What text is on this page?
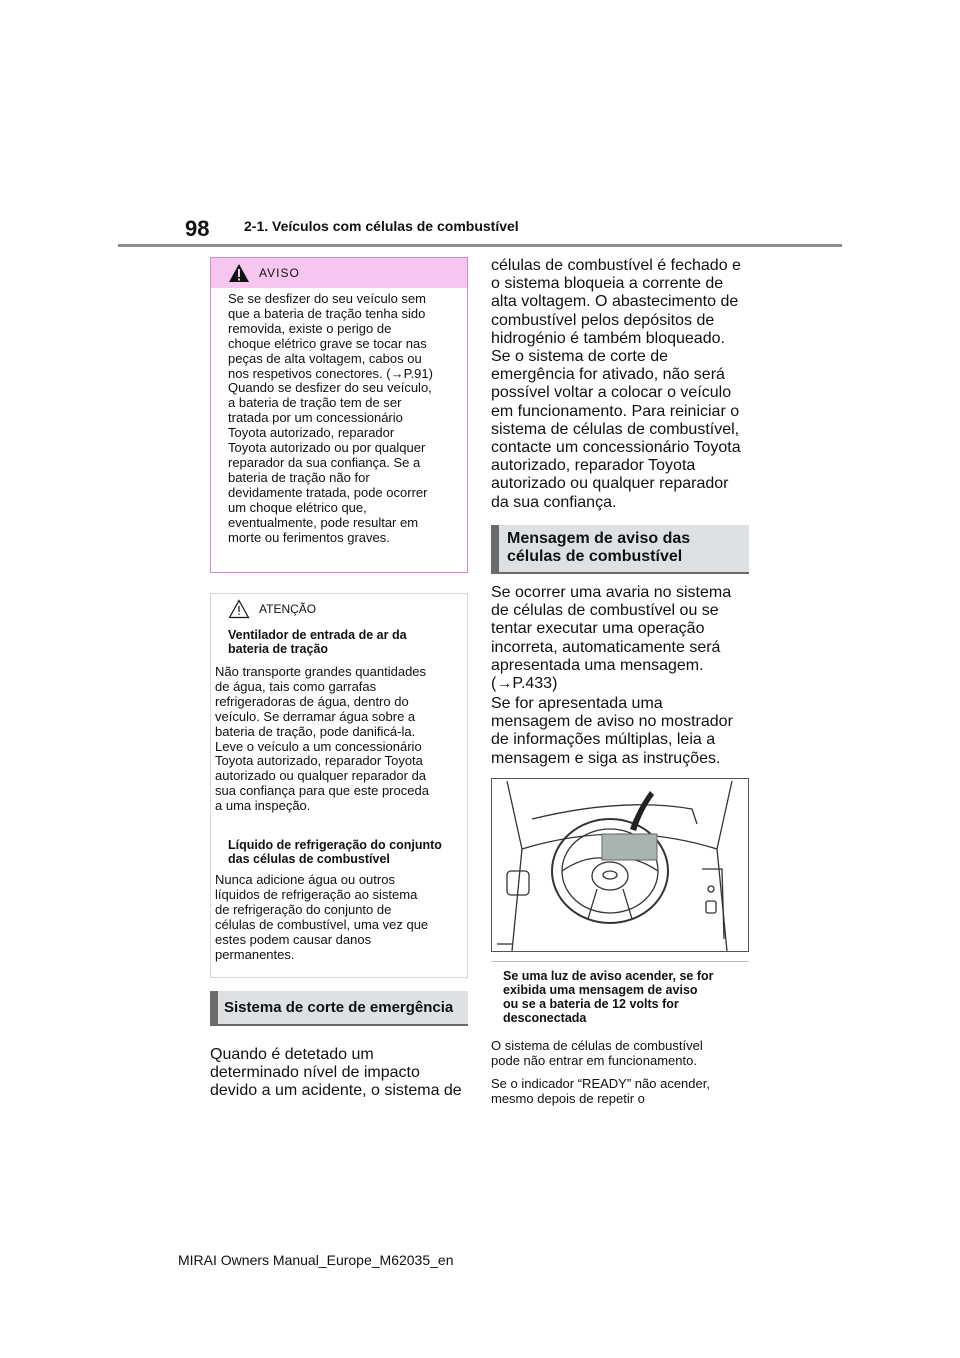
98 2-1. Veículos com células de combustível
AVISO
Se se desfizer do seu veículo sem
que a bateria de tração tenha sido
removida, existe o perigo de
choque elétrico grave se tocar nas
peças de alta voltagem, cabos ou
nos respetivos conectores. (→P.91)
Quando se desfizer do seu veículo,
a bateria de tração tem de ser
tratada por um concessionário
Toyota autorizado, reparador
Toyota autorizado ou por qualquer
reparador da sua confiança. Se a
bateria de tração não for
devidamente tratada, pode ocorrer
um choque elétrico que,
eventualmente, pode resultar em
morte ou ferimentos graves.
ATENÇÃO
Ventilador de entrada de ar da
bateria de tração
Não transporte grandes quantidades
de água, tais como garrafas
refrigeradoras de água, dentro do
veículo. Se derramar água sobre a
bateria de tração, pode danificá-la.
Leve o veículo a um concessionário
Toyota autorizado, reparador Toyota
autorizado ou qualquer reparador da
sua confiança para que este proceda
a uma inspeção.
Líquido de refrigeração do conjunto
das células de combustível
Nunca adicione água ou outros
líquidos de refrigeração ao sistema
de refrigeração do conjunto de
células de combustível, uma vez que
estes podem causar danos
permanentes.
Sistema de corte de emergência
Quando é detetado um
determinado nível de impacto
devido a um acidente, o sistema de
células de combustível é fechado e
o sistema bloqueia a corrente de
alta voltagem. O abastecimento de
combustível pelos depósitos de
hidrogénio é também bloqueado.
Se o sistema de corte de
emergência for ativado, não será
possível voltar a colocar o veículo
em funcionamento. Para reiniciar o
sistema de células de combustível,
contacte um concessionário Toyota
autorizado, reparador Toyota
autorizado ou qualquer reparador
da sua confiança.
Mensagem de aviso das
células de combustível
Se ocorrer uma avaria no sistema
de células de combustível ou se
tentar executar uma operação
incorreta, automaticamente será
apresentada uma mensagem.
(→P.433)
Se for apresentada uma
mensagem de aviso no mostrador
de informações múltiplas, leia a
mensagem e siga as instruções.
Se uma luz de aviso acender, se for
exibida uma mensagem de aviso
ou se a bateria de 12 volts for
desconectada
O sistema de células de combustível
pode não entrar em funcionamento.
Se o indicador “READY” não acender,
mesmo depois de repetir o
MIRAI Owners Manual_Europe_M62035_en
